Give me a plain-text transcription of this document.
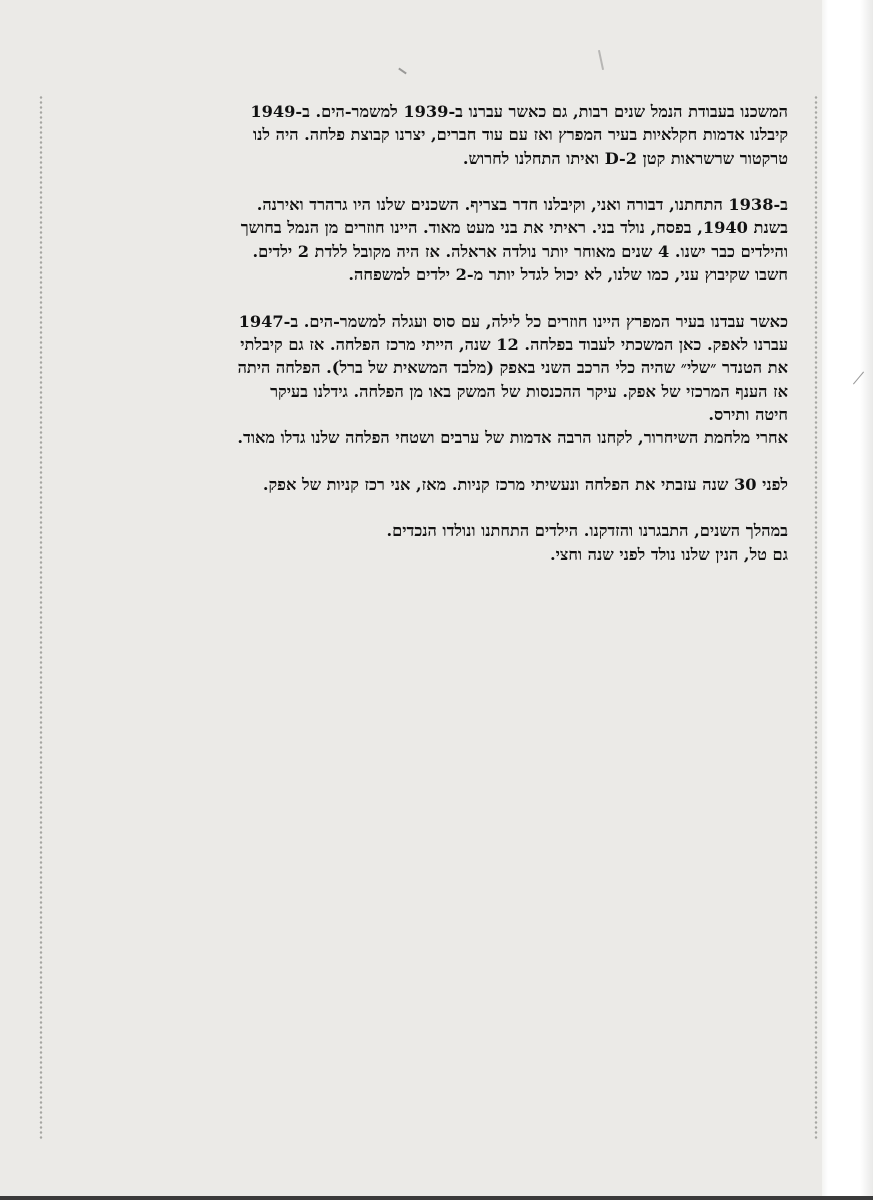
המשכנו בעבודת הנמל שנים רבות, גם כאשר עברנו ב-1939 למשמר-הים. ב-1949
קיבלנו אדמות חקלאיות בעיר המפרץ ואז עם עוד חברים, יצרנו קבוצת פלחה. היה לנו
טרקטור שרשראות קטן D-2 ואיתו התחלנו לחרוש.

ב-1938 התחתנו, דבורה ואני, וקיבלנו חדר בצריף. השכנים שלנו היו גרהרד ואירנה.
בשנת 1940, בפסח, נולד בני. ראיתי את בני מעט מאוד. היינו חוזרים מן הנמל בחושך
והילדים כבר ישנו. 4 שנים מאוחר יותר נולדה אראלה. אז היה מקובל ללדת 2 ילדים.
חשבו שקיבוץ עני, כמו שלנו, לא יכול לגדל יותר מ-2 ילדים למשפחה.

כאשר עבדנו בעיר המפרץ היינו חוזרים כל לילה, עם סוס ועגלה למשמר-הים. ב-1947
עברנו לאפק. כאן המשכתי לעבוד בפלחה. 12 שנה, הייתי מרכז הפלחה. אז גם קיבלתי
את הטנדר ״שלי״ שהיה כלי הרכב השני באפק (מלבד המשאית של ברל). הפלחה היתה
אז הענף המרכזי של אפק. עיקר ההכנסות של המשק באו מן הפלחה. גידלנו בעיקר
חיטה ותירס.
אחרי מלחמת השיחרור, לקחנו הרבה אדמות של ערבים ושטחי הפלחה שלנו גדלו מאוד.

לפני 30 שנה עזבתי את הפלחה ונעשיתי מרכז קניות. מאז, אני רכז קניות של אפק.

במהלך השנים, התבגרנו והזדקנו. הילדים התחתנו ונולדו הנכדים.
גם טל, הנין שלנו נולד לפני שנה וחצי.
